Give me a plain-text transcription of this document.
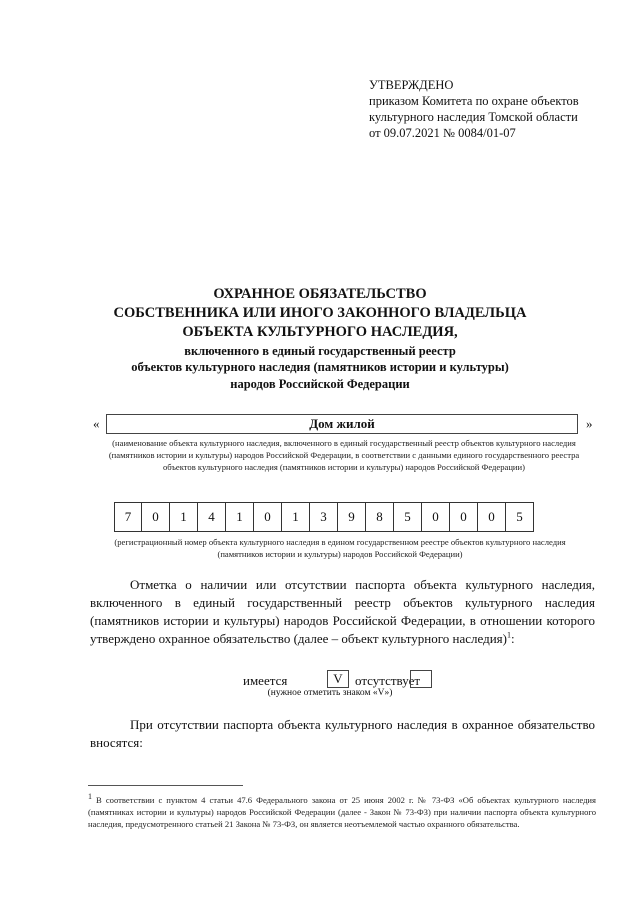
УТВЕРЖДЕНО
приказом Комитета по охране объектов
культурного наследия Томской области
от 09.07.2021 № 0084/01-07
ОХРАННОЕ ОБЯЗАТЕЛЬСТВО
СОБСТВЕННИКА ИЛИ ИНОГО ЗАКОННОГО ВЛАДЕЛЬЦА
ОБЪЕКТА КУЛЬТУРНОГО НАСЛЕДИЯ,
включенного в единый государственный реестр
объектов культурного наследия (памятников истории и культуры)
народов Российской Федерации
«	Дом жилой	»
(наименование объекта культурного наследия, включенного в единый государственный реестр объектов культурного наследия (памятников истории и культуры) народов Российской Федерации, в соответствии с данными единого государственного реестра объектов культурного наследия (памятников истории и культуры) народов Российской Федерации)
7	0	1	4	1	0	1	3	9	8	5	0	0	0	5
(регистрационный номер объекта культурного наследия в едином государственном реестре объектов культурного наследия (памятников истории и культуры) народов Российской Федерации)
Отметка о наличии или отсутствии паспорта объекта культурного наследия, включенного в единый государственный реестр объектов культурного наследия (памятников истории и культуры) народов Российской Федерации, в отношении которого утверждено охранное обязательство (далее – объект культурного наследия)$^1$:
имеется	V отсутствует
(нужное отметить знаком «V»)
При отсутствии паспорта объекта культурного наследия в охранное обязательство вносятся:
1 В соответствии с пунктом 4 статьи 47.6 Федерального закона от 25 июня 2002 г. № 73-ФЗ «Об объектах культурного наследия (памятниках истории и культуры) народов Российской Федерации (далее - Закон № 73-ФЗ) при наличии паспорта объекта культурного наследия, предусмотренного статьей 21 Закона № 73-ФЗ, он является неотъемлемой частью охранного обязательства.
